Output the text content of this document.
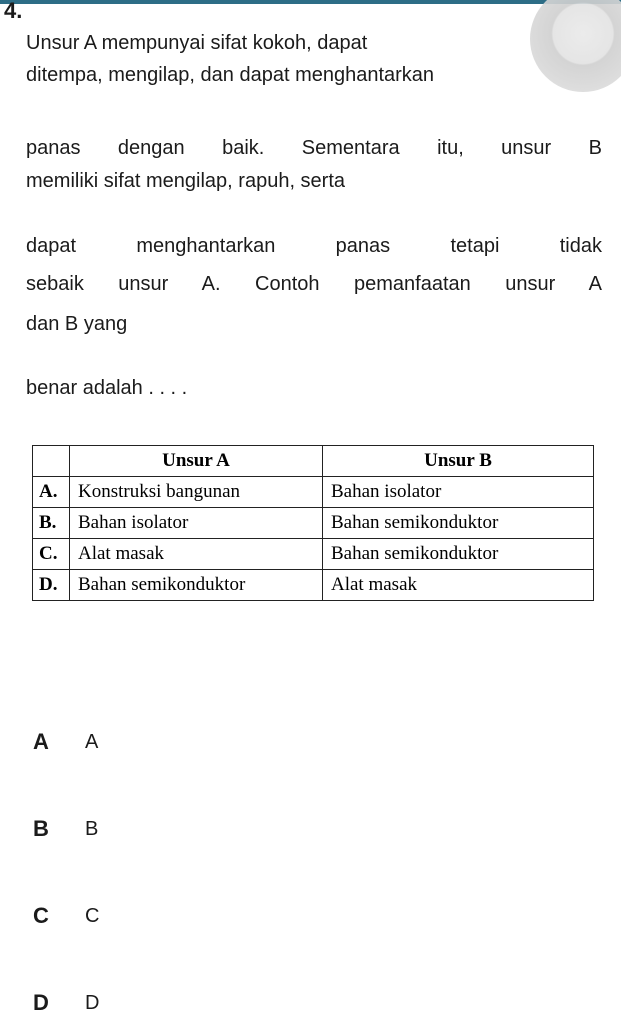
4.

Unsur A mempunyai sifat kokoh, dapat

ditempa, mengilap, dan dapat menghantarkan

panas dengan baik. Sementara itu, unsur B

memiliki sifat mengilap, rapuh, serta

dapat menghantarkan panas tetapi tidak

sebaik unsur A. Contoh pemanfaatan unsur A

dan B yang

benar adalah . . . .

	Unsur A	Unsur B
A.	Konstruksi bangunan	Bahan isolator
B.	Bahan isolator	Bahan semikonduktor
C.	Alat masak	Bahan semikonduktor
D.	Bahan semikonduktor	Alat masak
A	A
B	B
C	C
D	D
